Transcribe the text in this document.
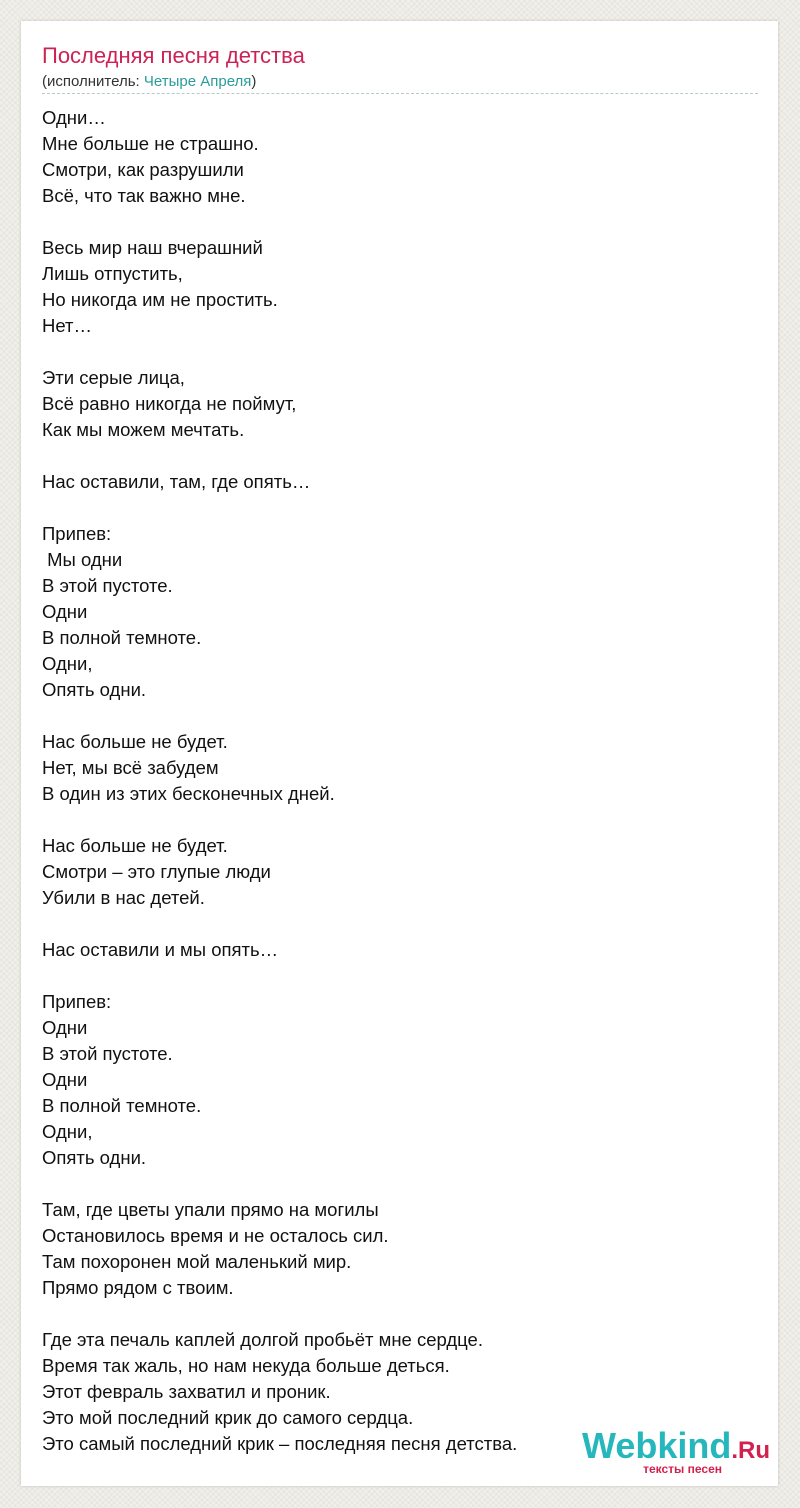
Последняя песня детства
(исполнитель: Четыре Апреля)
Одни…
Мне больше не страшно.
Смотри, как разрушили
Всё, что так важно мне.
Весь мир наш вчерашний
Лишь отпустить,
Но никогда им не простить.
Нет…
Эти серые лица,
Всё равно никогда не поймут,
Как мы можем мечтать.
Нас оставили, там, где опять…
Припев:
Мы одни
В этой пустоте.
Одни
В полной темноте.
Одни,
Опять одни.
Нас больше не будет.
Нет, мы всё забудем
В один из этих бесконечных дней.
Нас больше не будет.
Смотри – это глупые люди
Убили в нас детей.
Нас оставили и мы опять…
Припев:
Одни
В этой пустоте.
Одни
В полной темноте.
Одни,
Опять одни.
Там, где цветы упали прямо на могилы
Остановилось время и не осталось сил.
Там похоронен мой маленький мир.
Прямо рядом с твоим.
Где эта печаль каплей долгой пробьёт мне сердце.
Время так жаль, но нам некуда больше деться.
Этот февраль захватил и проник.
Это мой последний крик до самого сердца.
Это самый последний крик – последняя песня детства.	Webkind.Ru
тексты песен
